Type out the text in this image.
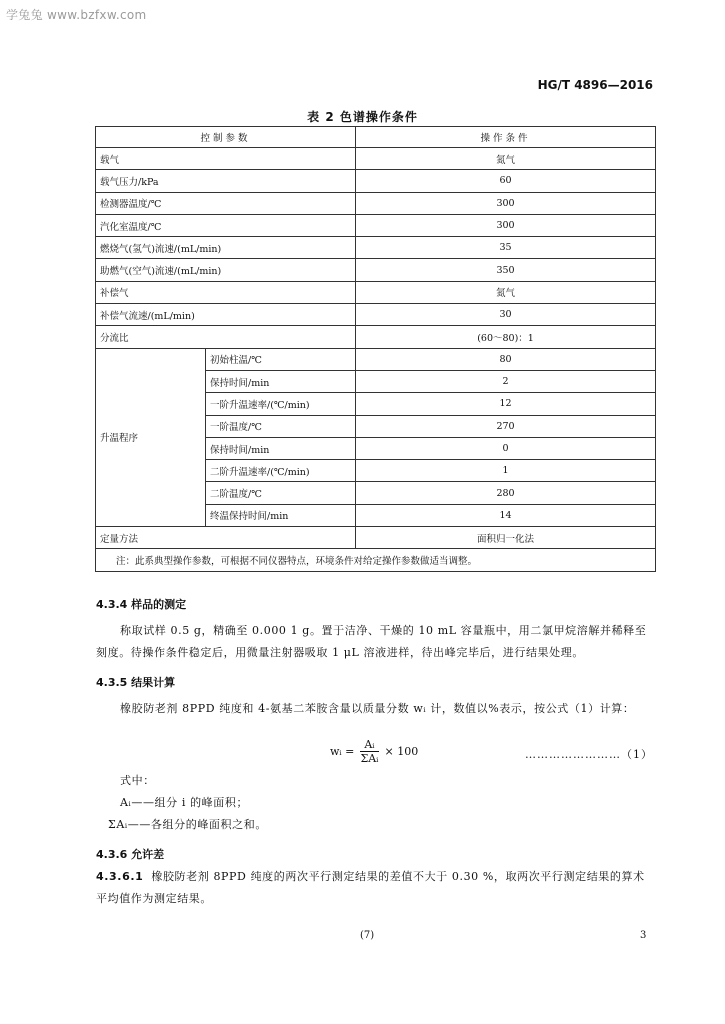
学兔兔 www.bzfxw.com
HG/T 4896—2016
表 2 色谱操作条件
控制参数		操作条件
载气		氮气
载气压力/kPa		60
检测器温度/℃		300
汽化室温度/℃		300
燃烧气(氢气)流速/(mL/min)		35
助燃气(空气)流速/(mL/min)		350
补偿气		氮气
补偿气流速/(mL/min)		30
分流比		(60～80)：1
升温程序	初始柱温/℃	80
	保持时间/min	2
	一阶升温速率/(℃/min)	12
	一阶温度/℃	270
	保持时间/min	0
	二阶升温速率/(℃/min)	1
	二阶温度/℃	280
	终温保持时间/min	14
定量方法		面积归一化法
注：此系典型操作参数，可根据不同仪器特点，环境条件对给定操作参数做适当调整。		
4.3.4 样品的测定
称取试样 0.5 g，精确至 0.000 1 g。置于洁净、干燥的 10 mL 容量瓶中，用二氯甲烷溶解并稀释至刻度。待操作条件稳定后，用微量注射器吸取 1 μL 溶液进样，待出峰完毕后，进行结果处理。
4.3.5 结果计算
橡胶防老剂 8PPD 纯度和 4-氨基二苯胺含量以质量分数 wᵢ 计，数值以%表示，按公式（1）计算：
wᵢ = $\frac{\text{Aᵢ}}{\text{ΣAᵢ}} \times 100$	……………………（1）
式中：
Aᵢ——组分 i 的峰面积；
ΣAᵢ——各组分的峰面积之和。
4.3.6 允许差
4.3.6.1 橡胶防老剂 8PPD 纯度的两次平行测定结果的差值不大于 0.30 %，取两次平行测定结果的算术平均值作为测定结果。
(7)	3
